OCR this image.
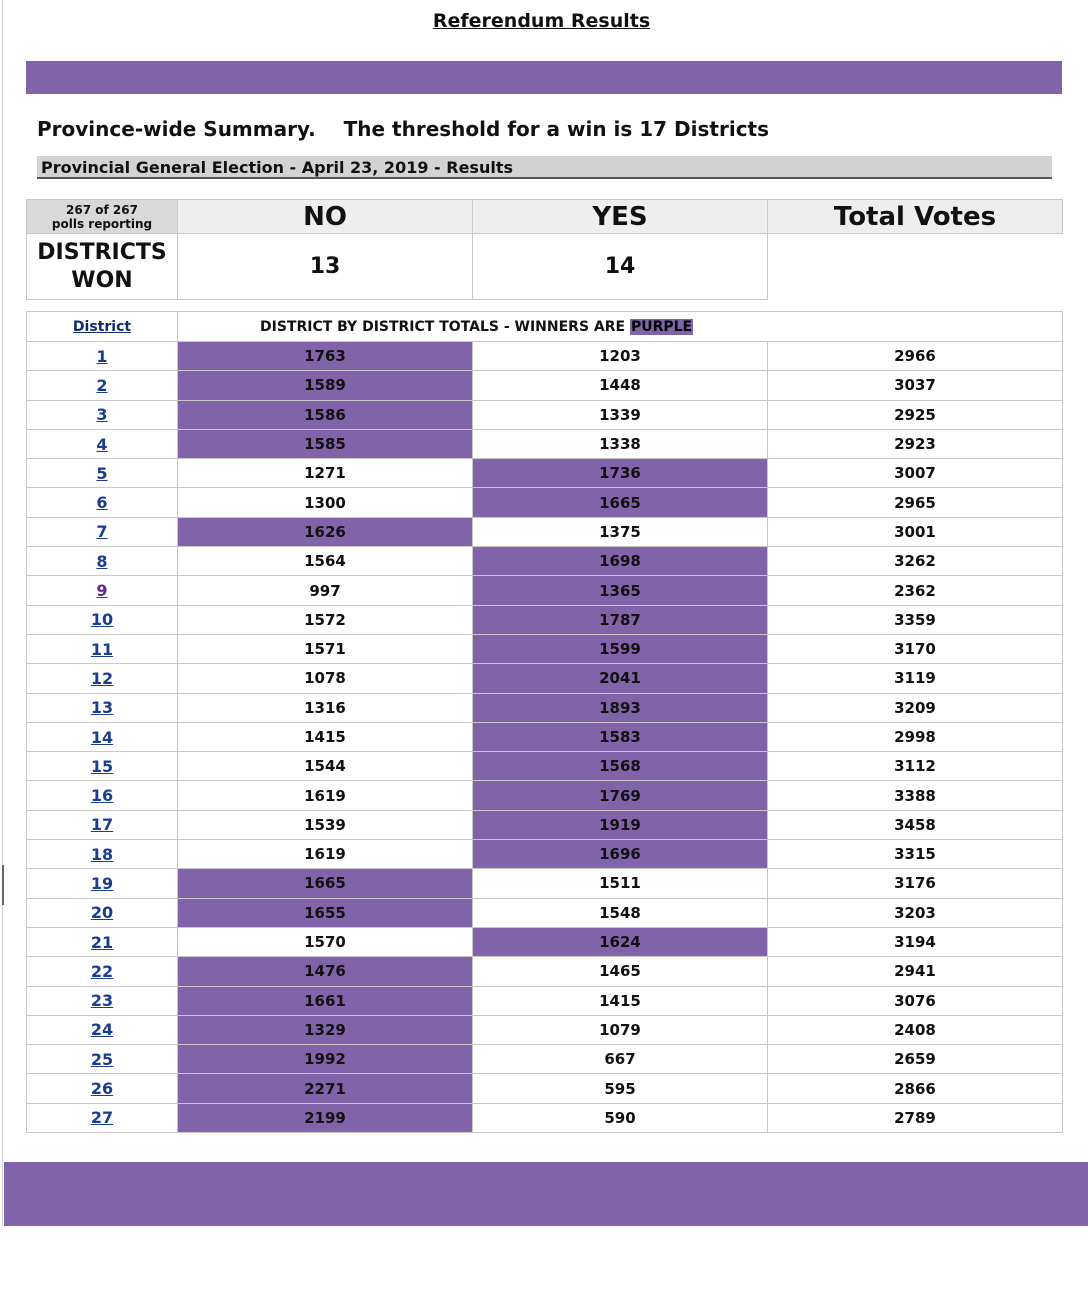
Referendum Results
Province-wide Summary.    The threshold for a win is 17 Districts
Provincial General Election - April 23, 2019 - Results
267 of 267
polls reporting	NO	YES	Total Votes

DISTRICTS
WON	13	14	
District	DISTRICT BY DISTRICT TOTALS - WINNERS ARE PURPLE		
1	1763	1203	2966
2	1589	1448	3037
3	1586	1339	2925
4	1585	1338	2923
5	1271	1736	3007
6	1300	1665	2965
7	1626	1375	3001
8	1564	1698	3262
9	997	1365	2362
10	1572	1787	3359
11	1571	1599	3170
12	1078	2041	3119
13	1316	1893	3209
14	1415	1583	2998
15	1544	1568	3112
16	1619	1769	3388
17	1539	1919	3458
18	1619	1696	3315
19	1665	1511	3176
20	1655	1548	3203
21	1570	1624	3194
22	1476	1465	2941
23	1661	1415	3076
24	1329	1079	2408
25	1992	667	2659
26	2271	595	2866
27	2199	590	2789
